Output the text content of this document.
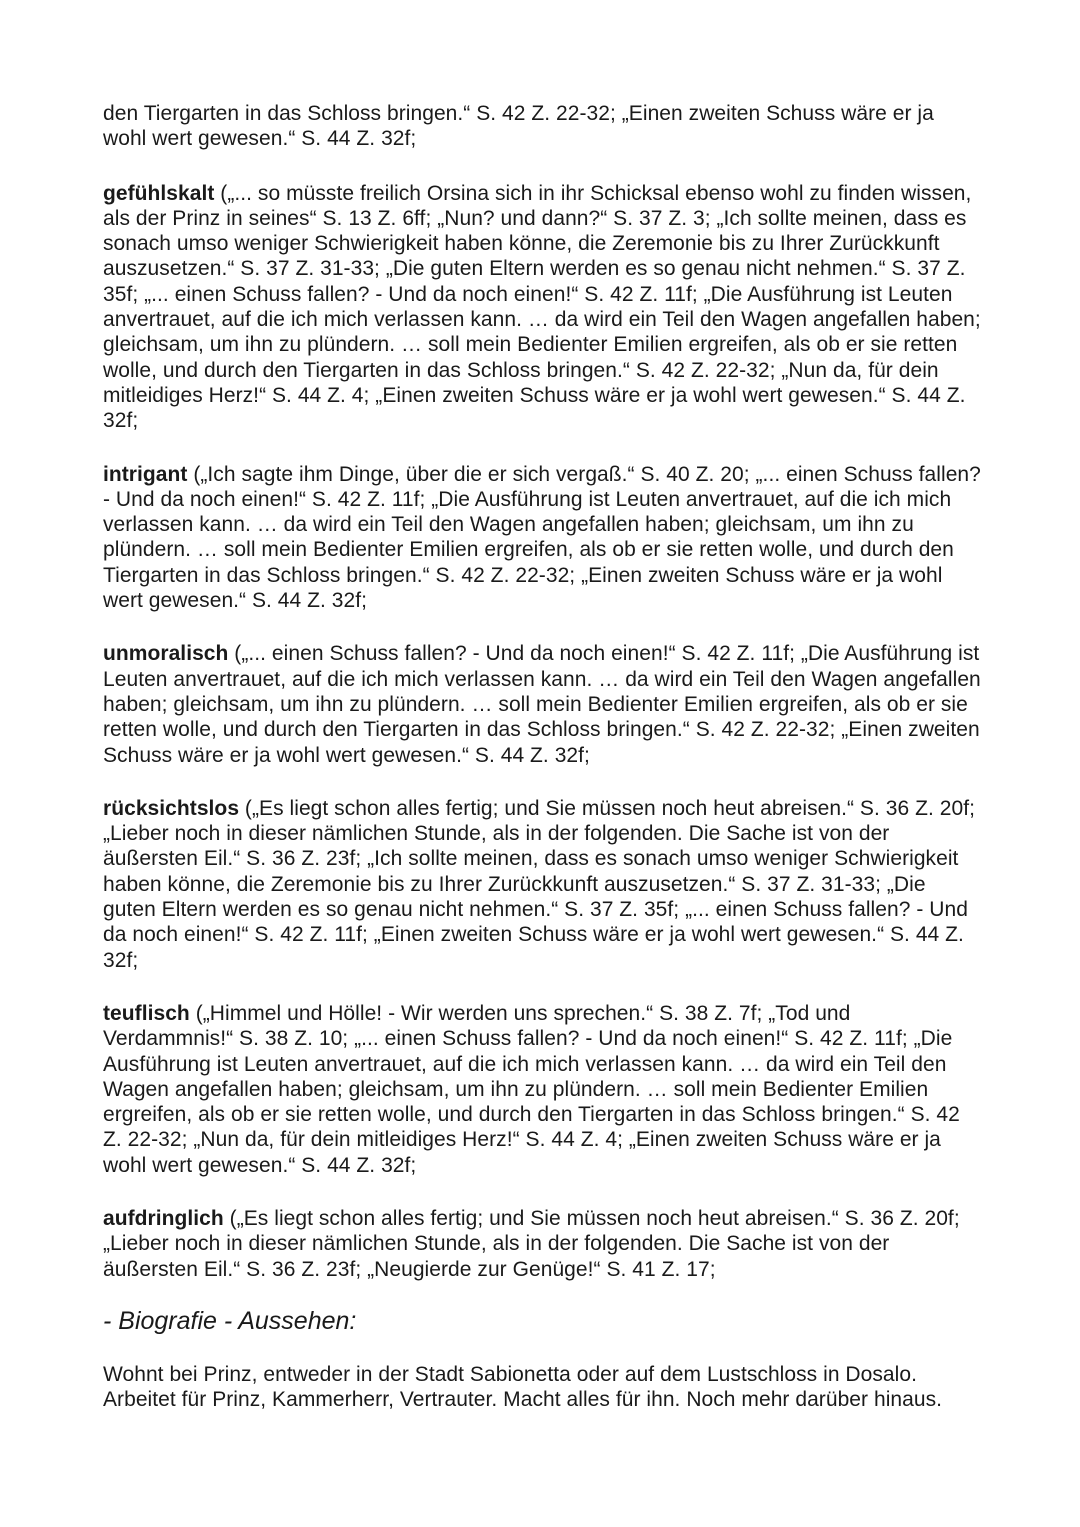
den Tiergarten in das Schloss bringen.“ S. 42 Z. 22-32; „Einen zweiten Schuss wäre er ja wohl wert gewesen.“ S. 44 Z. 32f;

gefühlskalt („... so müsste freilich Orsina sich in ihr Schicksal ebenso wohl zu finden wissen, als der Prinz in seines“ S. 13 Z. 6ff; „Nun? und dann?“ S. 37 Z. 3; „Ich sollte meinen, dass es sonach umso weniger Schwierigkeit haben könne, die Zeremonie bis zu Ihrer Zurückkunft auszusetzen.“ S. 37 Z. 31-33; „Die guten Eltern werden es so genau nicht nehmen.“ S. 37 Z. 35f; „... einen Schuss fallen? - Und da noch einen!“ S. 42 Z. 11f; „Die Ausführung ist Leuten anvertrauet, auf die ich mich verlassen kann. … da wird ein Teil den Wagen angefallen haben; gleichsam, um ihn zu plündern. … soll mein Bedienter Emilien ergreifen, als ob er sie retten wolle, und durch den Tiergarten in das Schloss bringen.“ S. 42 Z. 22-32; „Nun da, für dein mitleidiges Herz!“ S. 44 Z. 4; „Einen zweiten Schuss wäre er ja wohl wert gewesen.“ S. 44 Z. 32f;

intrigant („Ich sagte ihm Dinge, über die er sich vergaß.“ S. 40 Z. 20; „... einen Schuss fallen? - Und da noch einen!“ S. 42 Z. 11f; „Die Ausführung ist Leuten anvertrauet, auf die ich mich verlassen kann. … da wird ein Teil den Wagen angefallen haben; gleichsam, um ihn zu plündern. … soll mein Bedienter Emilien ergreifen, als ob er sie retten wolle, und durch den Tiergarten in das Schloss bringen.“ S. 42 Z. 22-32; „Einen zweiten Schuss wäre er ja wohl wert gewesen.“ S. 44 Z. 32f;

unmoralisch („... einen Schuss fallen? - Und da noch einen!“ S. 42 Z. 11f; „Die Ausführung ist Leuten anvertrauet, auf die ich mich verlassen kann. … da wird ein Teil den Wagen angefallen haben; gleichsam, um ihn zu plündern. … soll mein Bedienter Emilien ergreifen, als ob er sie retten wolle, und durch den Tiergarten in das Schloss bringen.“ S. 42 Z. 22-32; „Einen zweiten Schuss wäre er ja wohl wert gewesen.“ S. 44 Z. 32f;

rücksichtslos („Es liegt schon alles fertig; und Sie müssen noch heut abreisen.“ S. 36 Z. 20f; „Lieber noch in dieser nämlichen Stunde, als in der folgenden. Die Sache ist von der äußersten Eil.“ S. 36 Z. 23f; „Ich sollte meinen, dass es sonach umso weniger Schwierigkeit haben könne, die Zeremonie bis zu Ihrer Zurückkunft auszusetzen.“ S. 37 Z. 31-33; „Die guten Eltern werden es so genau nicht nehmen.“ S. 37 Z. 35f; „... einen Schuss fallen? - Und da noch einen!“ S. 42 Z. 11f; „Einen zweiten Schuss wäre er ja wohl wert gewesen.“ S. 44 Z. 32f;

teuflisch („Himmel und Hölle! - Wir werden uns sprechen.“ S. 38 Z. 7f; „Tod und Verdammnis!“ S. 38 Z. 10; „... einen Schuss fallen? - Und da noch einen!“ S. 42 Z. 11f; „Die Ausführung ist Leuten anvertrauet, auf die ich mich verlassen kann. … da wird ein Teil den Wagen angefallen haben; gleichsam, um ihn zu plündern. … soll mein Bedienter Emilien ergreifen, als ob er sie retten wolle, und durch den Tiergarten in das Schloss bringen.“ S. 42 Z. 22-32; „Nun da, für dein mitleidiges Herz!“ S. 44 Z. 4; „Einen zweiten Schuss wäre er ja wohl wert gewesen.“ S. 44 Z. 32f;

aufdringlich („Es liegt schon alles fertig; und Sie müssen noch heut abreisen.“ S. 36 Z. 20f; „Lieber noch in dieser nämlichen Stunde, als in der folgenden. Die Sache ist von der äußersten Eil.“ S. 36 Z. 23f; „Neugierde zur Genüge!“ S. 41 Z. 17;

- Biografie - Aussehen:

Wohnt bei Prinz, entweder in der Stadt Sabionetta oder auf dem Lustschloss in Dosalo. Arbeitet für Prinz, Kammerherr, Vertrauter. Macht alles für ihn. Noch mehr darüber hinaus.
